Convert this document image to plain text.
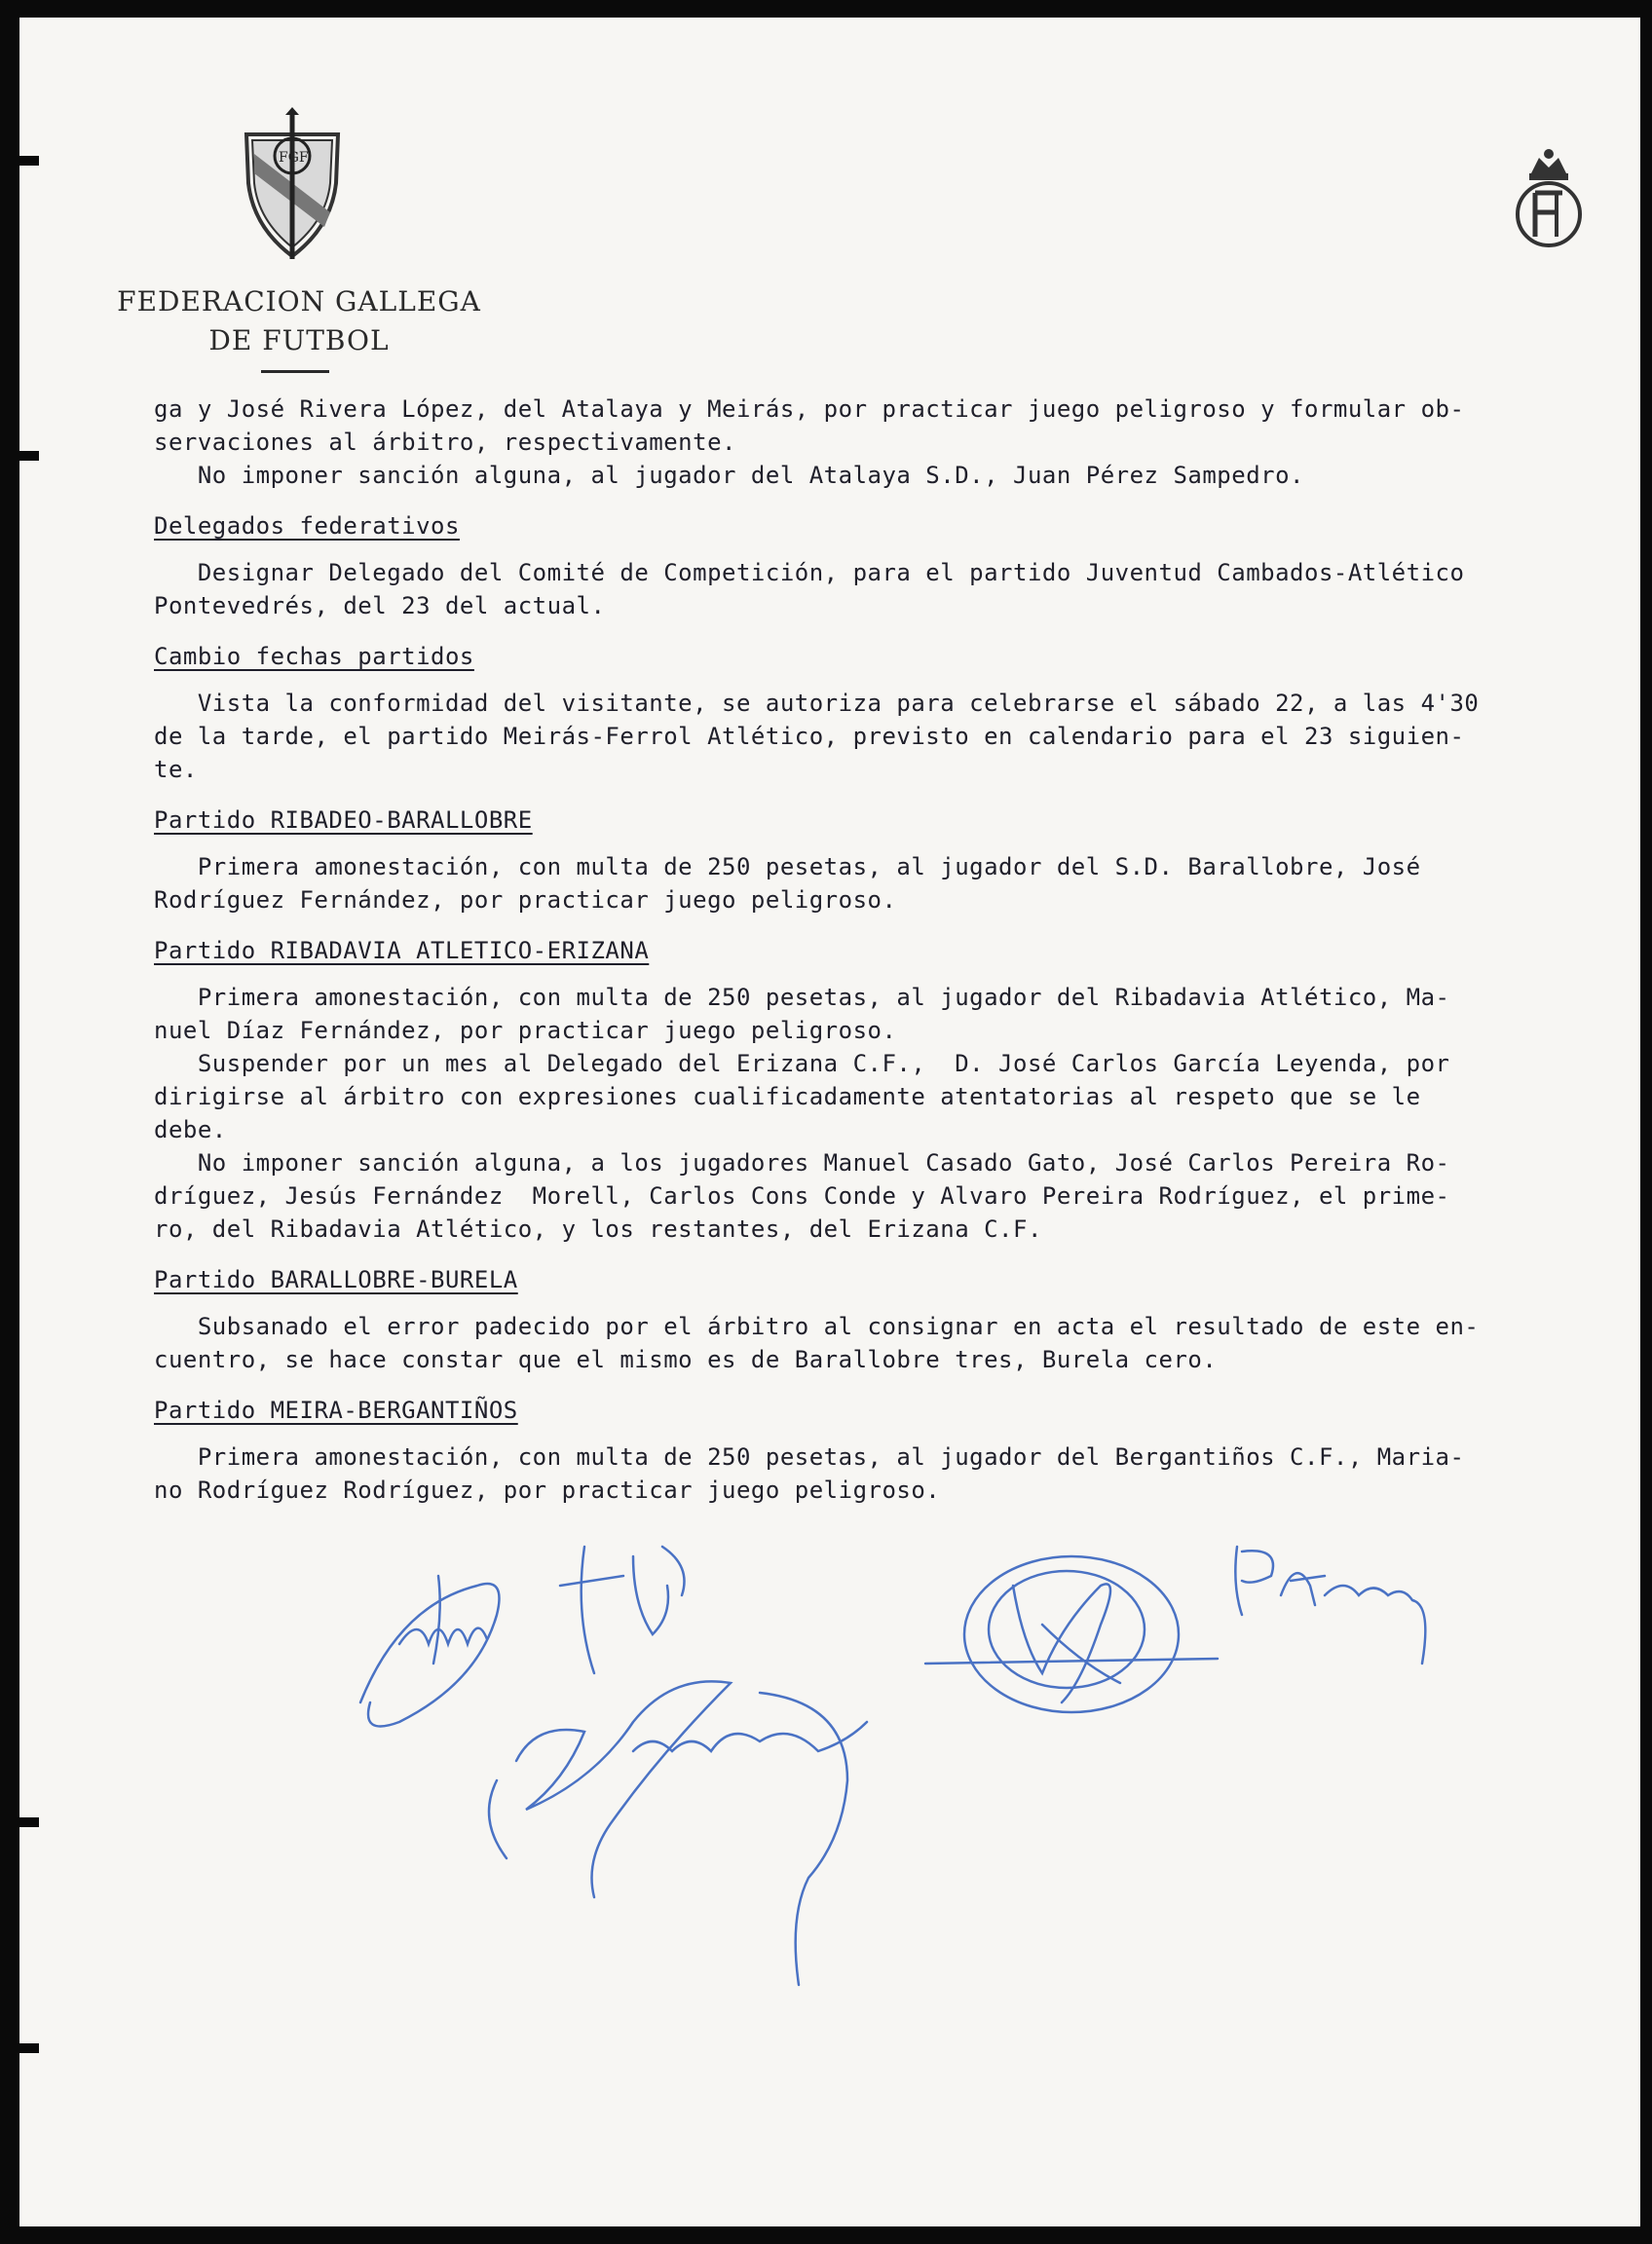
FGF
FEDERACION GALLEGA
DE FUTBOL

ga y José Rivera López, del Atalaya y Meirás, por practicar juego peligroso y formular ob-

servaciones al árbitro, respectivamente.

No imponer sanción alguna, al jugador del Atalaya S.D., Juan Pérez Sampedro.

Delegados federativos

Designar Delegado del Comité de Competición, para el partido Juventud Cambados-Atlético

Pontevedrés, del 23 del actual.

Cambio fechas partidos

Vista la conformidad del visitante, se autoriza para celebrarse el sábado 22, a las 4'30

de la tarde, el partido Meirás-Ferrol Atlético, previsto en calendario para el 23 siguien-

te.

Partido RIBADEO-BARALLOBRE

Primera amonestación, con multa de 250 pesetas, al jugador del S.D. Barallobre, José

Rodríguez Fernández, por practicar juego peligroso.

Partido RIBADAVIA ATLETICO-ERIZANA

Primera amonestación, con multa de 250 pesetas, al jugador del Ribadavia Atlético, Ma-

nuel Díaz Fernández, por practicar juego peligroso.

Suspender por un mes al Delegado del Erizana C.F.,  D. José Carlos García Leyenda, por

dirigirse al árbitro con expresiones cualificadamente atentatorias al respeto que se le

debe.

No imponer sanción alguna, a los jugadores Manuel Casado Gato, José Carlos Pereira Ro-

dríguez, Jesús Fernández  Morell, Carlos Cons Conde y Alvaro Pereira Rodríguez, el prime-

ro, del Ribadavia Atlético, y los restantes, del Erizana C.F.

Partido BARALLOBRE-BURELA

Subsanado el error padecido por el árbitro al consignar en acta el resultado de este en-

cuentro, se hace constar que el mismo es de Barallobre tres, Burela cero.

Partido MEIRA-BERGANTIÑOS

Primera amonestación, con multa de 250 pesetas, al jugador del Bergantiños C.F., Maria-

no Rodríguez Rodríguez, por practicar juego peligroso.
